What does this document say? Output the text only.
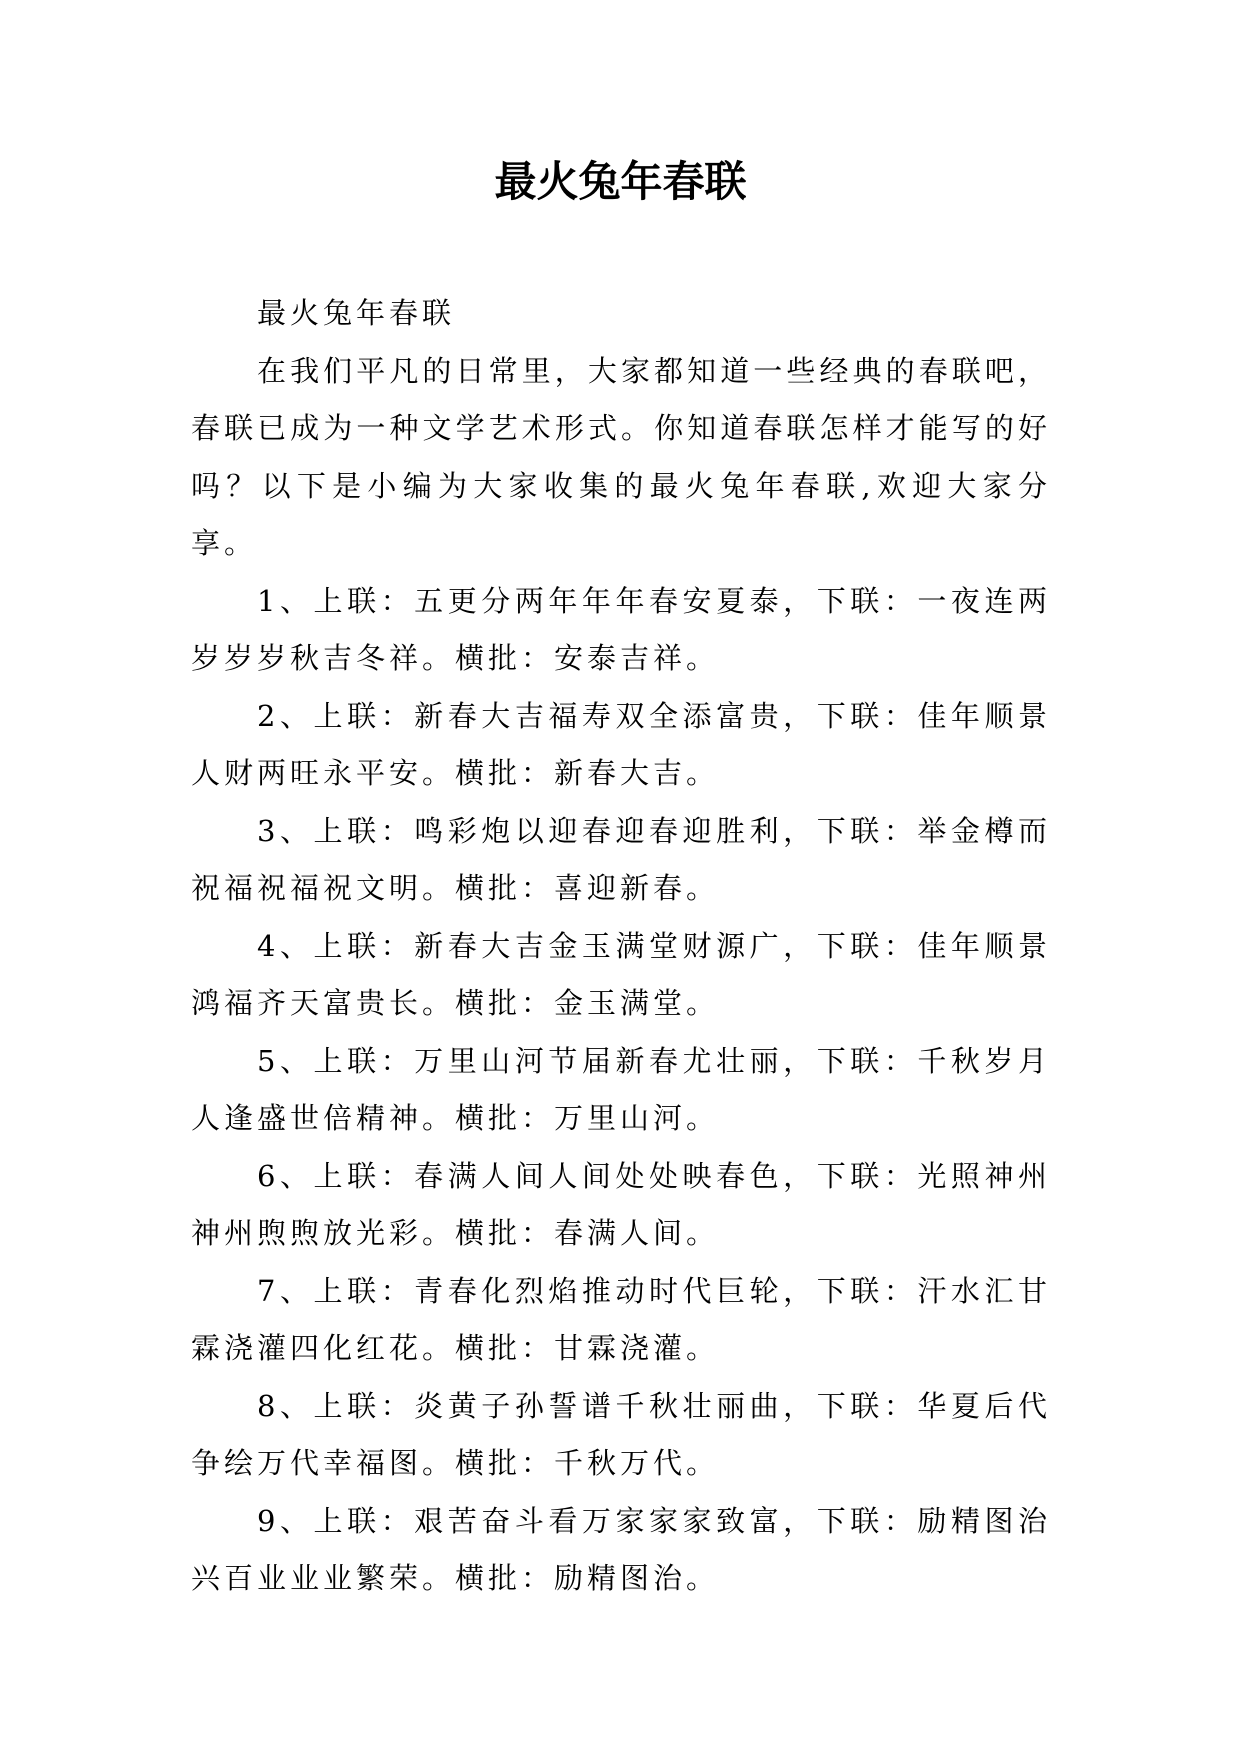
最火兔年春联

最火兔年春联

在我们平凡的日常里，大家都知道一些经典的春联吧，春联已成为一种文学艺术形式。你知道春联怎样才能写的好吗？以下是小编为大家收集的最火兔年春联,欢迎大家分享。

1、上联：五更分两年年年春安夏泰，下联：一夜连两岁岁岁秋吉冬祥。横批：安泰吉祥。

2、上联：新春大吉福寿双全添富贵，下联：佳年顺景人财两旺永平安。横批：新春大吉。

3、上联：鸣彩炮以迎春迎春迎胜利，下联：举金樽而祝福祝福祝文明。横批：喜迎新春。

4、上联：新春大吉金玉满堂财源广，下联：佳年顺景鸿福齐天富贵长。横批：金玉满堂。

5、上联：万里山河节届新春尤壮丽，下联：千秋岁月人逢盛世倍精神。横批：万里山河。

6、上联：春满人间人间处处映春色，下联：光照神州神州煦煦放光彩。横批：春满人间。

7、上联：青春化烈焰推动时代巨轮，下联：汗水汇甘霖浇灌四化红花。横批：甘霖浇灌。

8、上联：炎黄子孙誓谱千秋壮丽曲，下联：华夏后代争绘万代幸福图。横批：千秋万代。

9、上联：艰苦奋斗看万家家家致富，下联：励精图治兴百业业业繁荣。横批：励精图治。
